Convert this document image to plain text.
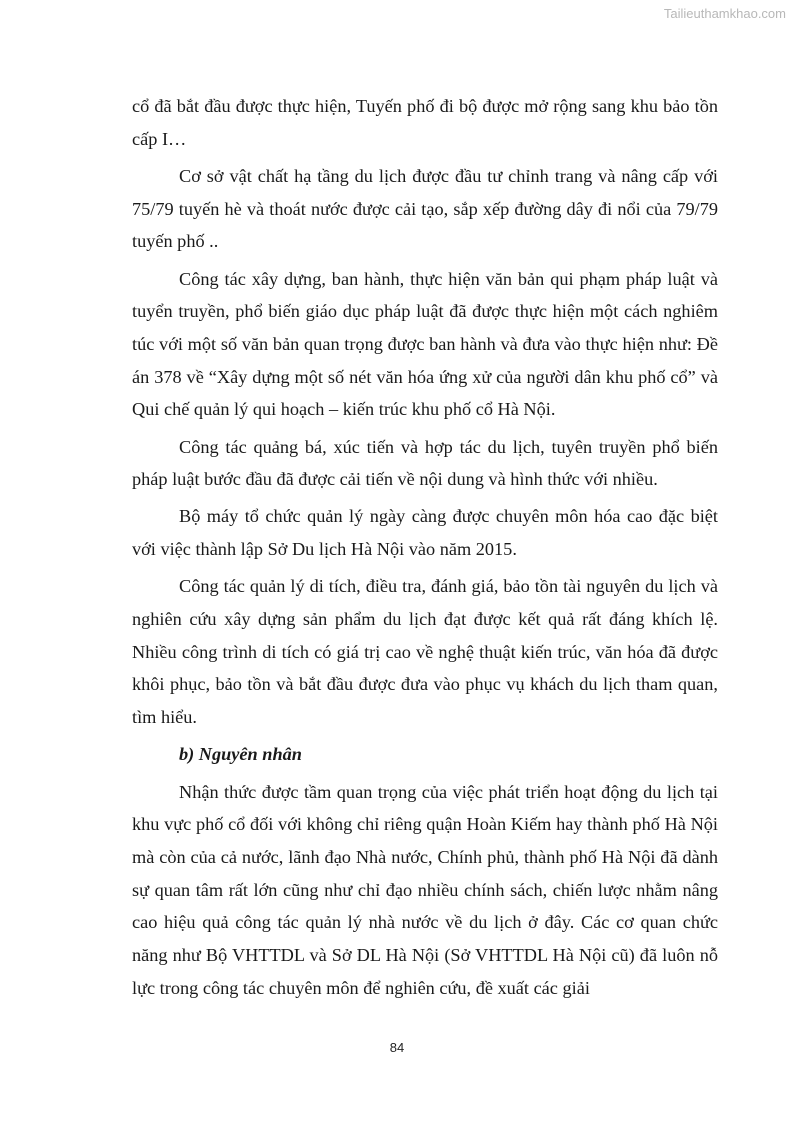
Tailieuthamkhao.com

cổ đã bắt đầu được thực hiện, Tuyến phố đi bộ được mở rộng sang khu bảo tồn cấp I…

Cơ sở vật chất hạ tầng du lịch được đầu tư chỉnh trang và nâng cấp với 75/79 tuyến hè và thoát nước được cải tạo, sắp xếp đường dây đi nổi của 79/79 tuyến phố ..

Công tác xây dựng, ban hành, thực hiện văn bản qui phạm pháp luật và tuyển truyền, phổ biến giáo dục pháp luật đã được thực hiện một cách nghiêm túc với một số văn bản quan trọng được ban hành và đưa vào thực hiện như: Đề án 378 về “Xây dựng một số nét văn hóa ứng xử của người dân khu phố cổ” và Qui chế quản lý qui hoạch – kiến trúc khu phố cổ Hà Nội.

Công tác quảng bá, xúc tiến và hợp tác du lịch, tuyên truyền phổ biến pháp luật bước đầu đã được cải tiến về nội dung và hình thức với nhiều.

Bộ máy tổ chức quản lý ngày càng được chuyên môn hóa cao đặc biệt với việc thành lập Sở Du lịch Hà Nội vào năm 2015.

Công tác quản lý di tích, điều tra, đánh giá, bảo tồn tài nguyên du lịch và nghiên cứu xây dựng sản phẩm du lịch đạt được kết quả rất đáng khích lệ. Nhiều công trình di tích có giá trị cao về nghệ thuật kiến trúc, văn hóa đã được khôi phục, bảo tồn và bắt đầu được đưa vào phục vụ khách du lịch tham quan, tìm hiểu.

b) Nguyên nhân

Nhận thức được tầm quan trọng của việc phát triển hoạt động du lịch tại khu vực phố cổ đối với không chỉ riêng quận Hoàn Kiếm hay thành phố Hà Nội mà còn của cả nước, lãnh đạo Nhà nước, Chính phủ, thành phố Hà Nội đã dành sự quan tâm rất lớn cũng như chỉ đạo nhiều chính sách, chiến lược nhằm nâng cao hiệu quả công tác quản lý nhà nước về du lịch ở đây. Các cơ quan chức năng như Bộ VHTTDL và Sở DL Hà Nội (Sở VHTTDL Hà Nội cũ) đã luôn nỗ lực trong công tác chuyên môn để nghiên cứu, đề xuất các giải

84
